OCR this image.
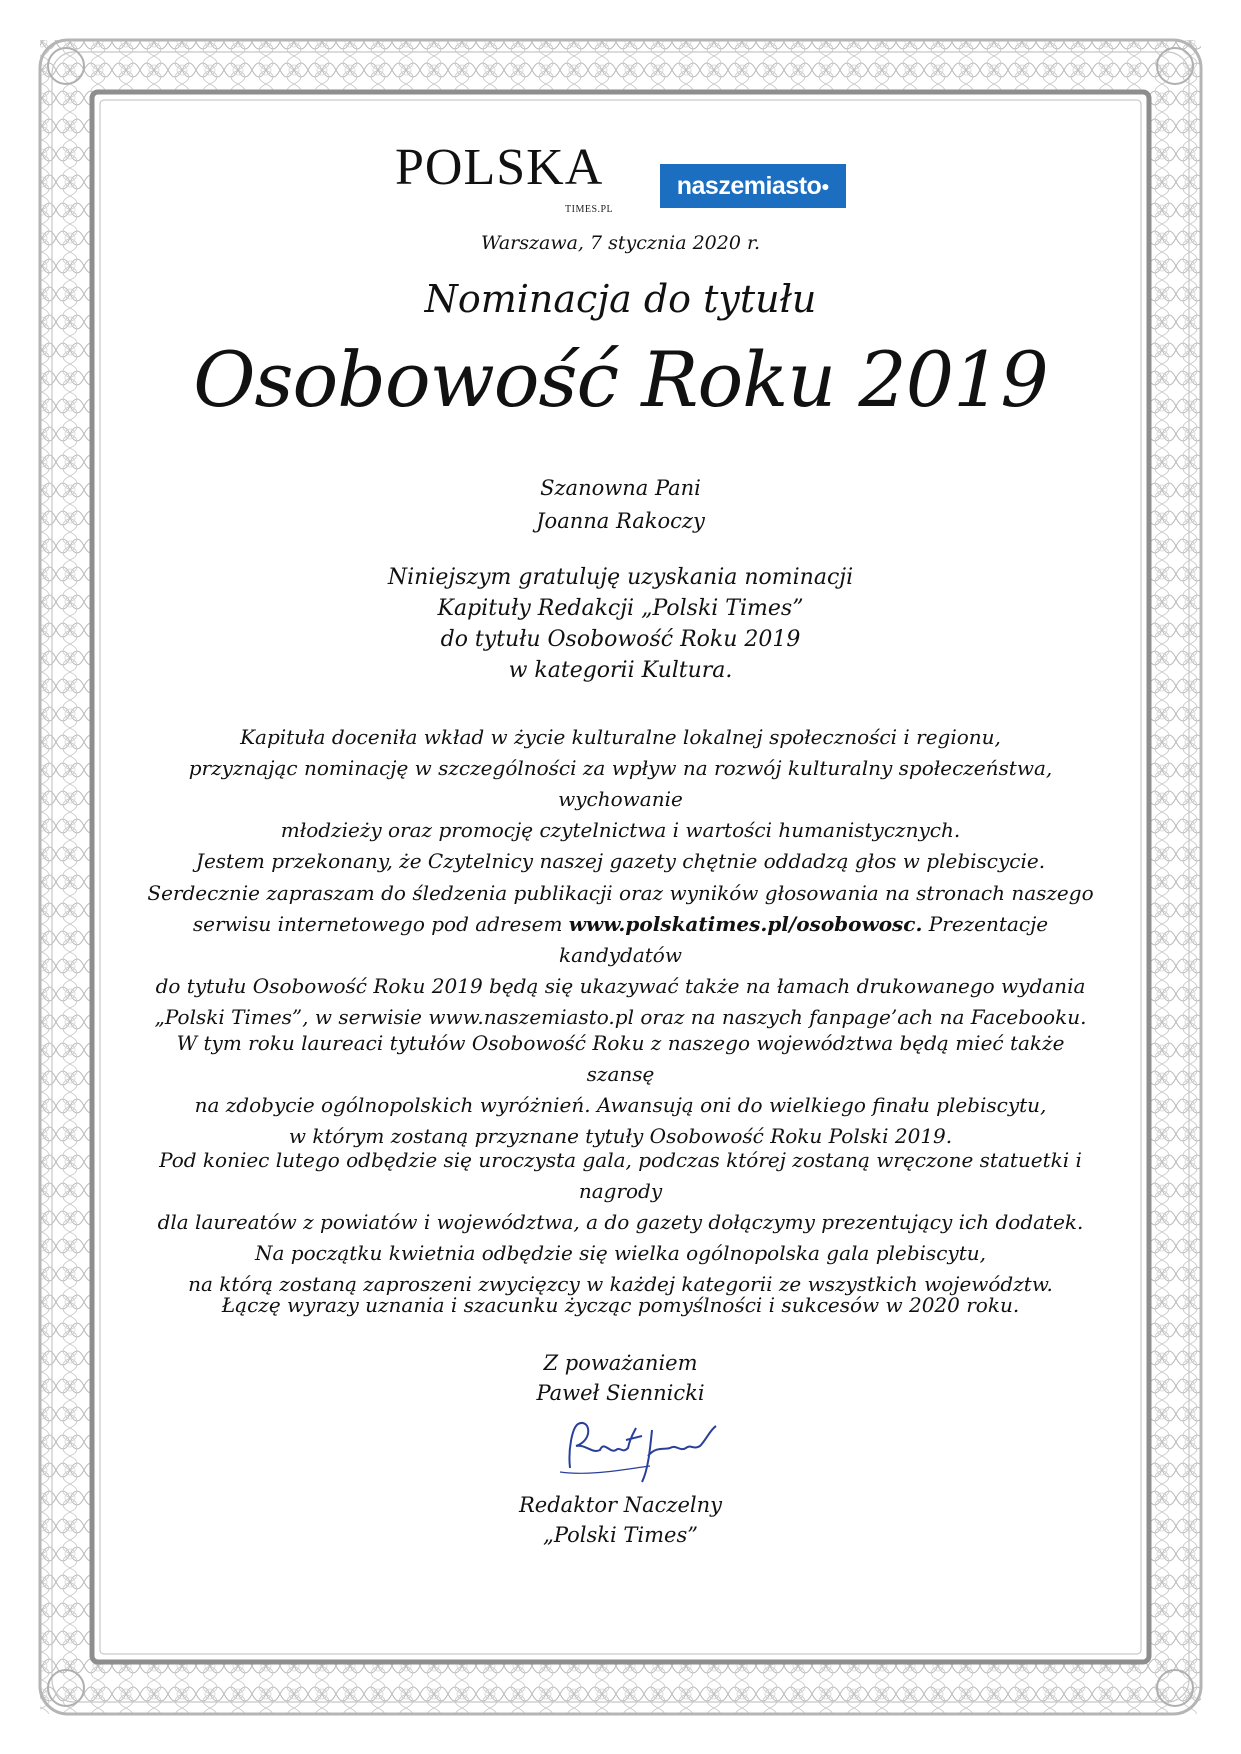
POLSKA
TIMES.PL
naszemiasto●
Warszawa, 7 stycznia 2020 r.
Nominacja do tytułu
Osobowość Roku 2019
Szanowna Pani
Joanna Rakoczy
Niniejszym gratuluję uzyskania nominacji
Kapituły Redakcji „Polski Times”
do tytułu Osobowość Roku 2019
w kategorii Kultura.
Kapituła doceniła wkład w życie kulturalne lokalnej społeczności i regionu,
przyznając nominację w szczególności za wpływ na rozwój kulturalny społeczeństwa, wychowanie
młodzieży oraz promocję czytelnictwa i wartości humanistycznych.
Jestem przekonany, że Czytelnicy naszej gazety chętnie oddadzą głos w plebiscycie.
Serdecznie zapraszam do śledzenia publikacji oraz wyników głosowania na stronach naszego
serwisu internetowego pod adresem www.polskatimes.pl/osobowosc. Prezentacje kandydatów
do tytułu Osobowość Roku 2019 będą się ukazywać także na łamach drukowanego wydania
„Polski Times”, w serwisie www.naszemiasto.pl oraz na naszych fanpage’ach na Facebooku.
W tym roku laureaci tytułów Osobowość Roku z naszego województwa będą mieć także szansę
na zdobycie ogólnopolskich wyróżnień. Awansują oni do wielkiego finału plebiscytu,
w którym zostaną przyznane tytuły Osobowość Roku Polski 2019.
Pod koniec lutego odbędzie się uroczysta gala, podczas której zostaną wręczone statuetki i nagrody
dla laureatów z powiatów i województwa, a do gazety dołączymy prezentujący ich dodatek.
Na początku kwietnia odbędzie się wielka ogólnopolska gala plebiscytu,
na którą zostaną zaproszeni zwycięzcy w każdej kategorii ze wszystkich województw.
Łączę wyrazy uznania i szacunku życząc pomyślności i sukcesów w 2020 roku.
Z poważaniem
Paweł Siennicki
Redaktor Naczelny
„Polski Times”
